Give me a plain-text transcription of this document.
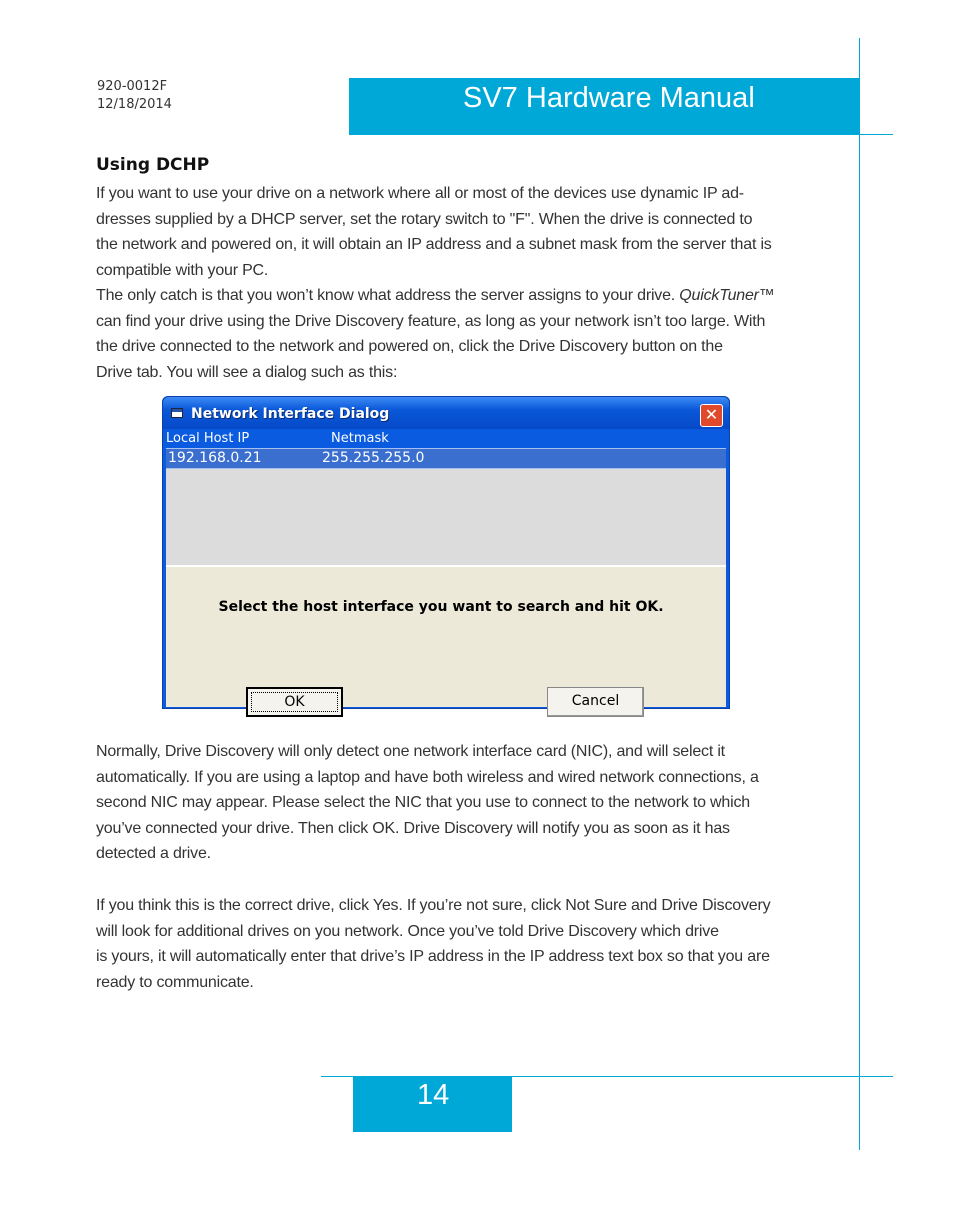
920-0012F
12/18/2014	SV7 Hardware Manual
Using DCHP

If you want to use your drive on a network where all or most of the devices use dynamic IP ad-
dresses supplied by a DHCP server, set the rotary switch to "F". When the drive is connected to
the network and powered on, it will obtain an IP address and a subnet mask from the server that is
compatible with your PC.

The only catch is that you won’t know what address the server assigns to your drive. QuickTuner™
can find your drive using the Drive Discovery feature, as long as your network isn’t too large. With
the drive connected to the network and powered on, click the Drive Discovery button on the
Drive tab. You will see a dialog such as this:

Network Interface Dialog	✕
Local Host IP	Netmask
192.168.0.21	255.255.255.0
Select the host interface you want to search and hit OK.
OK	Cancel

Normally, Drive Discovery will only detect one network interface card (NIC), and will select it
automatically. If you are using a laptop and have both wireless and wired network connections, a
second NIC may appear. Please select the NIC that you use to connect to the network to which
you’ve connected your drive. Then click OK. Drive Discovery will notify you as soon as it has
detected a drive.

If you think this is the correct drive, click Yes. If you’re not sure, click Not Sure and Drive Discovery
will look for additional drives on you network. Once you’ve told Drive Discovery which drive
is yours, it will automatically enter that drive’s IP address in the IP address text box so that you are
ready to communicate.

14
